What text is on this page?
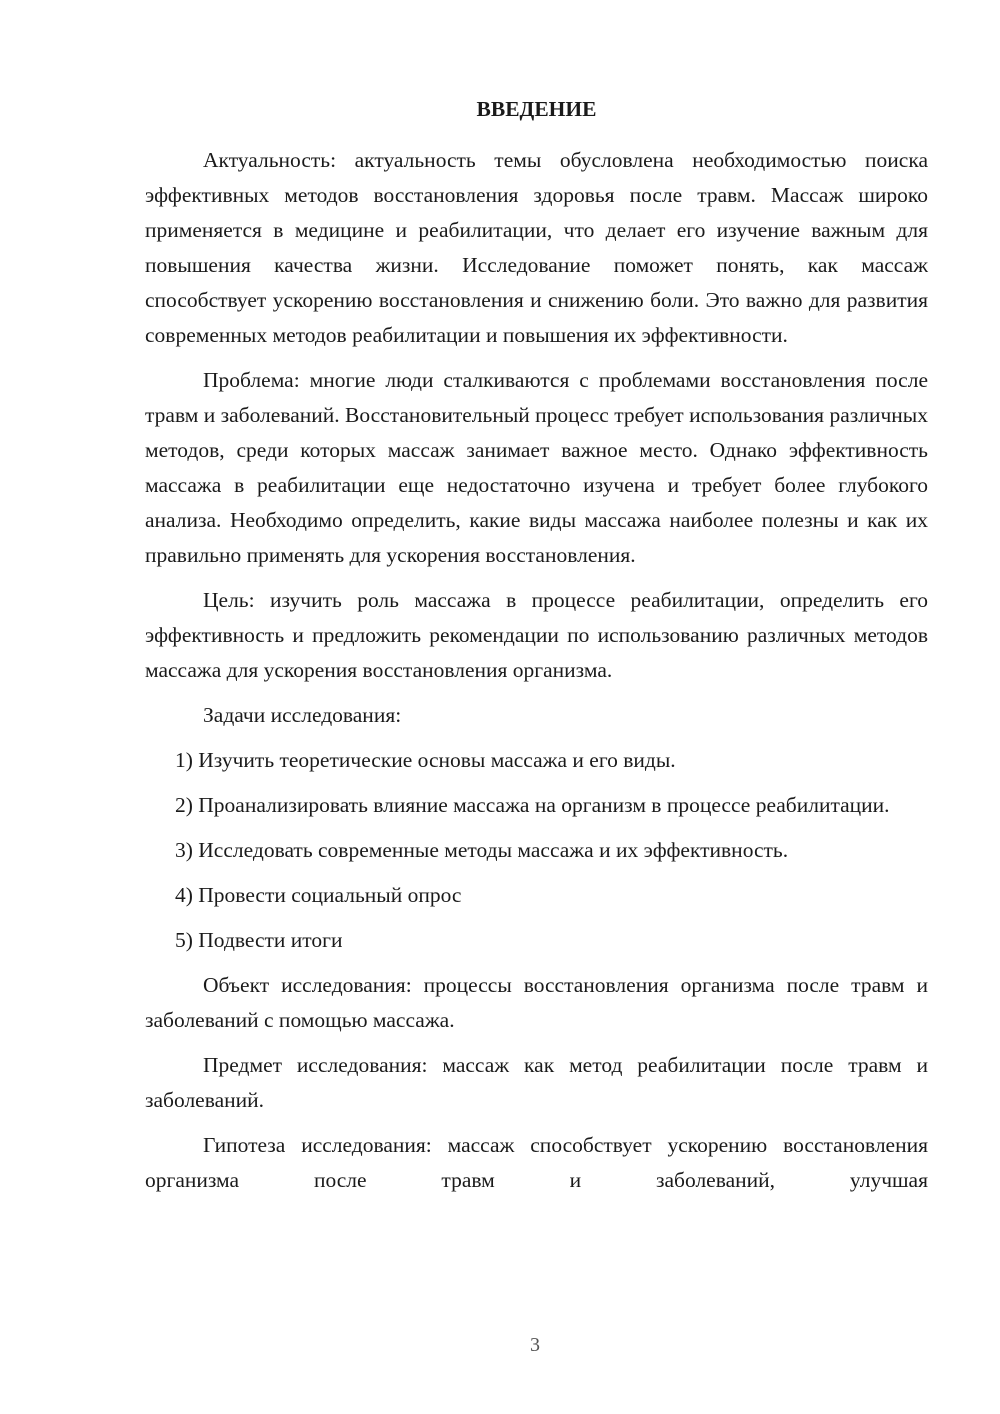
ВВЕДЕНИЕ

Актуальность: актуальность темы обусловлена необходимостью поиска эффективных методов восстановления здоровья после травм. Массаж широко применяется в медицине и реабилитации, что делает его изучение важным для повышения качества жизни. Исследование поможет понять, как массаж способствует ускорению восстановления и снижению боли. Это важно для развития современных методов реабилитации и повышения их эффективности.

Проблема: многие люди сталкиваются с проблемами восстановления после травм и заболеваний. Восстановительный процесс требует использования различных методов, среди которых массаж занимает важное место. Однако эффективность массажа в реабилитации еще недостаточно изучена и требует более глубокого анализа. Необходимо определить, какие виды массажа наиболее полезны и как их правильно применять для ускорения восстановления.

Цель: изучить роль массажа в процессе реабилитации, определить его эффективность и предложить рекомендации по использованию различных методов массажа для ускорения восстановления организма.

Задачи исследования:

1) Изучить теоретические основы массажа и его виды.

2) Проанализировать влияние массажа на организм в процессе реабилитации.

3) Исследовать современные методы массажа и их эффективность.

4) Провести социальный опрос

5) Подвести итоги

Объект исследования: процессы восстановления организма после травм и заболеваний с помощью массажа.

Предмет исследования: массаж как метод реабилитации после травм и заболеваний.

Гипотеза исследования: массаж способствует ускорению восстановления организма после травм и заболеваний, улучшая

3
